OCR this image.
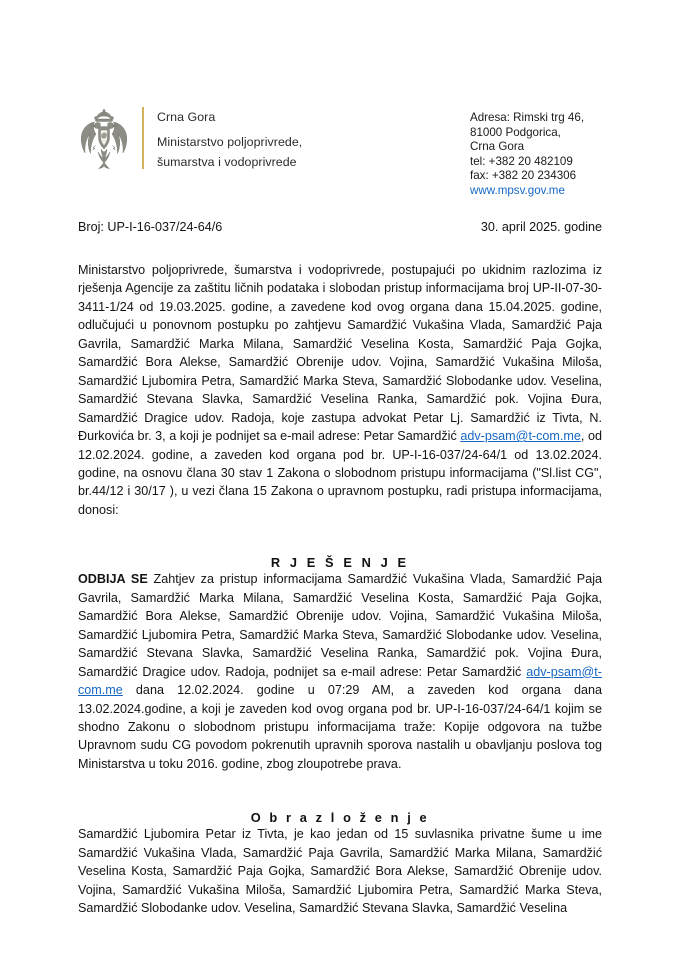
Crna Gora
Ministarstvo poljoprivrede,
šumarstva i vodoprivrede
Adresa: Rimski trg 46,
81000 Podgorica,
Crna Gora
tel: +382 20 482109
fax: +382 20 234306
www.mpsv.gov.me
Broj: UP-I-16-037/24-64/6	30. april 2025. godine

Ministarstvo poljoprivrede, šumarstva i vodoprivrede, postupajući po ukidnim razlozima iz rješenja Agencije za zaštitu ličnih podataka i slobodan pristup informacijama broj UP-II-07-30-3411-1/24 od 19.03.2025. godine, a zavedene kod ovog organa dana 15.04.2025. godine, odlučujući u ponovnom postupku po zahtjevu Samardžić Vukašina Vlada, Samardžić Paja Gavrila, Samardžić Marka Milana, Samardžić Veselina Kosta, Samardžić Paja Gojka, Samardžić Bora Alekse, Samardžić Obrenije udov. Vojina, Samardžić Vukašina Miloša, Samardžić Ljubomira Petra, Samardžić Marka Steva, Samardžić Slobodanke udov. Veselina, Samardžić Stevana Slavka, Samardžić Veselina Ranka, Samardžić pok. Vojina Đura, Samardžić Dragice udov. Radoja, koje zastupa advokat Petar Lj. Samardžić iz Tivta, N. Đurkovića br. 3, a koji je podnijet sa e-mail adrese: Petar Samardžić adv-psam@t-com.me, od 12.02.2024. godine, a zaveden kod organa pod br. UP-I-16-037/24-64/1 od 13.02.2024. godine, na osnovu člana 30 stav 1 Zakona o slobodnom pristupu informacijama ("Sl.list CG", br.44/12 i 30/17 ), u vezi člana 15 Zakona o upravnom postupku, radi pristupa informacijama, donosi:

R J E Š E N J E

ODBIJA SE Zahtjev za pristup informacijama Samardžić Vukašina Vlada, Samardžić Paja Gavrila, Samardžić Marka Milana, Samardžić Veselina Kosta, Samardžić Paja Gojka, Samardžić Bora Alekse, Samardžić Obrenije udov. Vojina, Samardžić Vukašina Miloša, Samardžić Ljubomira Petra, Samardžić Marka Steva, Samardžić Slobodanke udov. Veselina, Samardžić Stevana Slavka, Samardžić Veselina Ranka, Samardžić pok. Vojina Đura, Samardžić Dragice udov. Radoja, podnijet sa e-mail adrese: Petar Samardžić adv-psam@t-com.me dana 12.02.2024. godine u 07:29 AM, a zaveden kod organa dana 13.02.2024.godine, a koji je zaveden kod ovog organa pod br. UP-I-16-037/24-64/1 kojim se shodno Zakonu o slobodnom pristupu informacijama traže: Kopije odgovora na tužbe Upravnom sudu CG povodom pokrenutih upravnih sporova nastalih u obavljanju poslova tog Ministarstva u toku 2016. godine, zbog zloupotrebe prava.

O b r a z l o ž e n j e

Samardžić Ljubomira Petar iz Tivta, je kao jedan od 15 suvlasnika privatne šume u ime Samardžić Vukašina Vlada, Samardžić Paja Gavrila, Samardžić Marka Milana, Samardžić Veselina Kosta, Samardžić Paja Gojka, Samardžić Bora Alekse, Samardžić Obrenije udov. Vojina, Samardžić Vukašina Miloša, Samardžić Ljubomira Petra, Samardžić Marka Steva, Samardžić Slobodanke udov. Veselina, Samardžić Stevana Slavka, Samardžić Veselina
